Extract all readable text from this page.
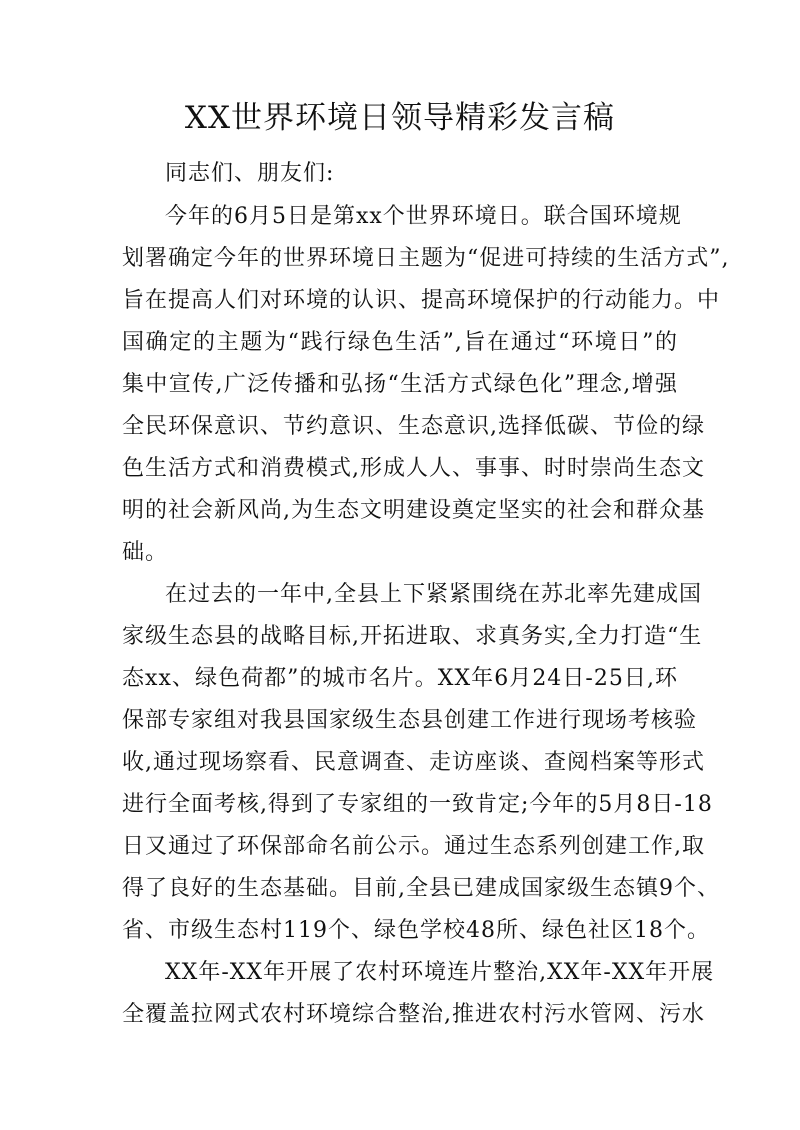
XX世界环境日领导精彩发言稿
同志们、朋友们:
今年的6月5日是第xx个世界环境日。联合国环境规
划署确定今年的世界环境日主题为“促进可持续的生活方式”,
旨在提高人们对环境的认识、提高环境保护的行动能力。中
国确定的主题为“践行绿色生活”,旨在通过“环境日”的
集中宣传,广泛传播和弘扬“生活方式绿色化”理念,增强
全民环保意识、节约意识、生态意识,选择低碳、节俭的绿
色生活方式和消费模式,形成人人、事事、时时崇尚生态文
明的社会新风尚,为生态文明建设奠定坚实的社会和群众基
础。
在过去的一年中,全县上下紧紧围绕在苏北率先建成国
家级生态县的战略目标,开拓进取、求真务实,全力打造“生
态xx、绿色荷都”的城市名片。XX年6月24日-25日,环
保部专家组对我县国家级生态县创建工作进行现场考核验
收,通过现场察看、民意调查、走访座谈、查阅档案等形式
进行全面考核,得到了专家组的一致肯定;今年的5月8日-18
日又通过了环保部命名前公示。通过生态系列创建工作,取
得了良好的生态基础。目前,全县已建成国家级生态镇9个、
省、市级生态村119个、绿色学校48所、绿色社区18个。
XX年-XX年开展了农村环境连片整治,XX年-XX年开展
全覆盖拉网式农村环境综合整治,推进农村污水管网、污水
